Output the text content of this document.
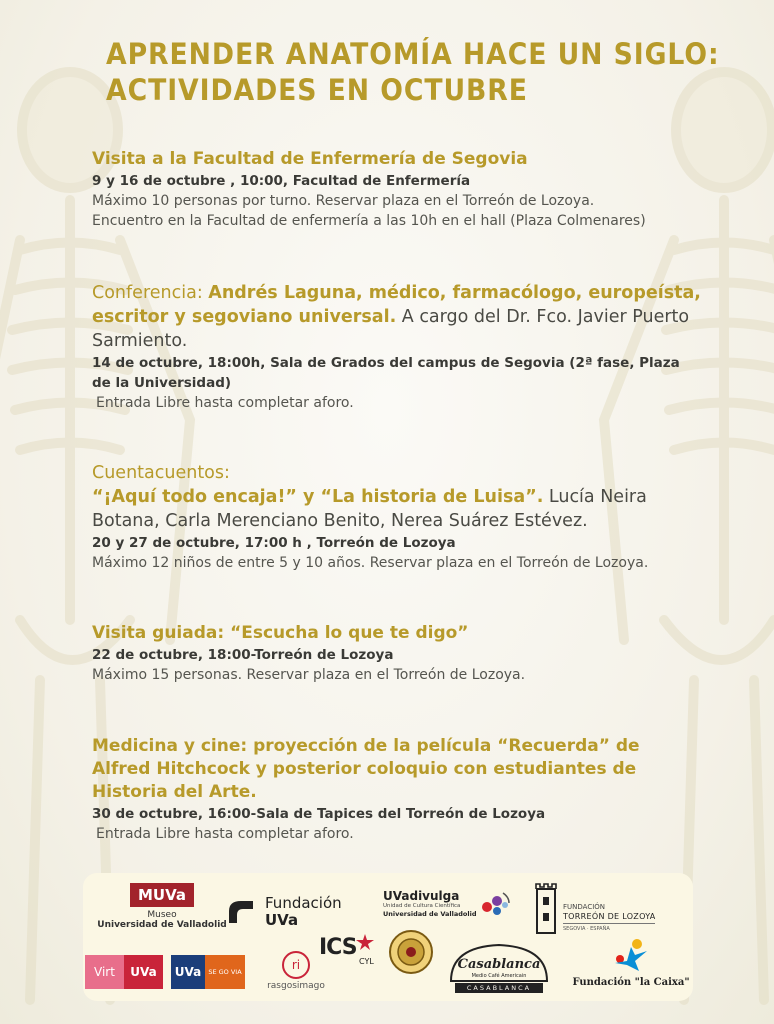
APRENDER ANATOMÍA HACE UN SIGLO:
ACTIVIDADES EN OCTUBRE

Visita a la Facultad de Enfermería de Segovia

9 y 16 de octubre , 10:00, Facultad de Enfermería

Máximo 10 personas por turno. Reservar plaza en el Torreón de Lozoya.

Encuentro en la Facultad de enfermería a las 10h en el hall (Plaza Colmenares)

Conferencia: Andrés Laguna, médico, farmacólogo, europeísta, escritor y segoviano universal. A cargo del Dr. Fco. Javier Puerto Sarmiento.

14 de octubre, 18:00h, Sala de Grados del campus de Segovia (2ª fase, Plaza de la Universidad)

Entrada Libre hasta completar aforo.

Cuentacuentos:

“¡Aquí todo encaja!” y “La historia de Luisa”. Lucía Neira Botana, Carla Merenciano Benito, Nerea Suárez Estévez.

20 y 27 de octubre, 17:00 h , Torreón de Lozoya

Máximo 12 niños de entre 5 y 10 años. Reservar plaza en el Torreón de Lozoya.

Visita guiada: “Escucha lo que te digo”

22 de octubre, 18:00-Torreón de Lozoya

Máximo 15 personas. Reservar plaza en el Torreón de Lozoya.

Medicina y cine: proyección de la película “Recuerda” de Alfred Hitchcock y posterior coloquio con estudiantes de Historia del Arte.

30 de octubre, 16:00-Sala de Tapices del Torreón de Lozoya

Entrada Libre hasta completar aforo.

MUVa
Museo
Universidad de Valladolid
Fundación
UVa
UVadivulga
Unidad de Cultura Científica
Universidad de Valladolid
FUNDACIÓN
TORREÓN DE LOZOYA
SEGOVIA · ESPAÑA
Virt	UVa	UVa	SE GO VIA	ri
rasgosimago
ICS
CYL	Casablanca
Medio Café Americain
CASABLANCA	Fundación "la Caixa"
